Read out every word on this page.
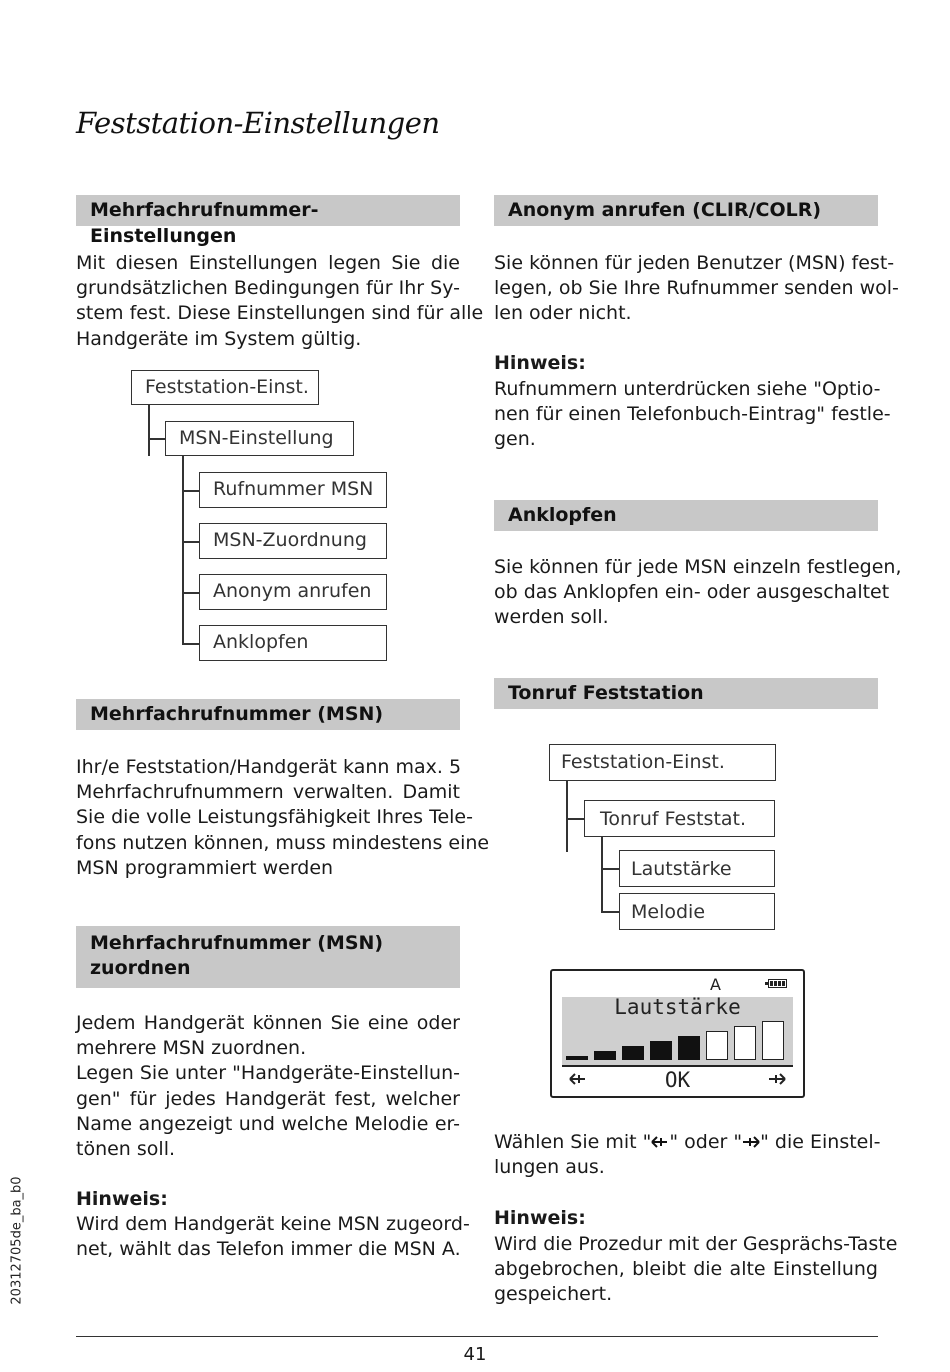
Feststation-Einstellungen
Mehrfachrufnummer-Einstellungen
Mit diesen Einstellungen legen Sie die
grundsätzlichen Bedingungen für Ihr Sy-
stem fest. Diese Einstellungen sind für alle
Handgeräte im System gültig.
Feststation-Einst.
MSN-Einstellung
Rufnummer MSN
MSN-Zuordnung
Anonym anrufen
Anklopfen
Mehrfachrufnummer (MSN)
Ihr/e Feststation/Handgerät kann max. 5
Mehrfachrufnummern verwalten. Damit
Sie die volle Leistungsfähigkeit Ihres Tele-
fons nutzen können, muss mindestens eine
MSN programmiert werden
Mehrfachrufnummer (MSN)
zuordnen
Jedem Handgerät können Sie eine oder
mehrere MSN zuordnen.
Legen Sie unter "Handgeräte-Einstellun-
gen" für jedes Handgerät fest, welcher
Name angezeigt und welche Melodie er-
tönen soll.
Hinweis:
Wird dem Handgerät keine MSN zugeord-
net, wählt das Telefon immer die MSN A.
Anonym anrufen (CLIR/COLR)
Sie können für jeden Benutzer (MSN) fest-
legen, ob Sie Ihre Rufnummer senden wol-
len oder nicht.
Hinweis:
Rufnummern unterdrücken siehe "Optio-
nen für einen Telefonbuch-Eintrag" festle-
gen.
Anklopfen
Sie können für jede MSN einzeln festlegen,
ob das Anklopfen ein- oder ausgeschaltet
werden soll.
Tonruf Feststation
Feststation-Einst.
Tonruf Feststat.
Lautstärke
Melodie
A
Lautstärke
OK
Wählen Sie mit " " oder " " die Einstel-
lungen aus.
Hinweis:
Wird die Prozedur mit der Gesprächs-Taste
abgebrochen, bleibt die alte Einstellung
gespeichert.
41
20312705de_ba_b0
